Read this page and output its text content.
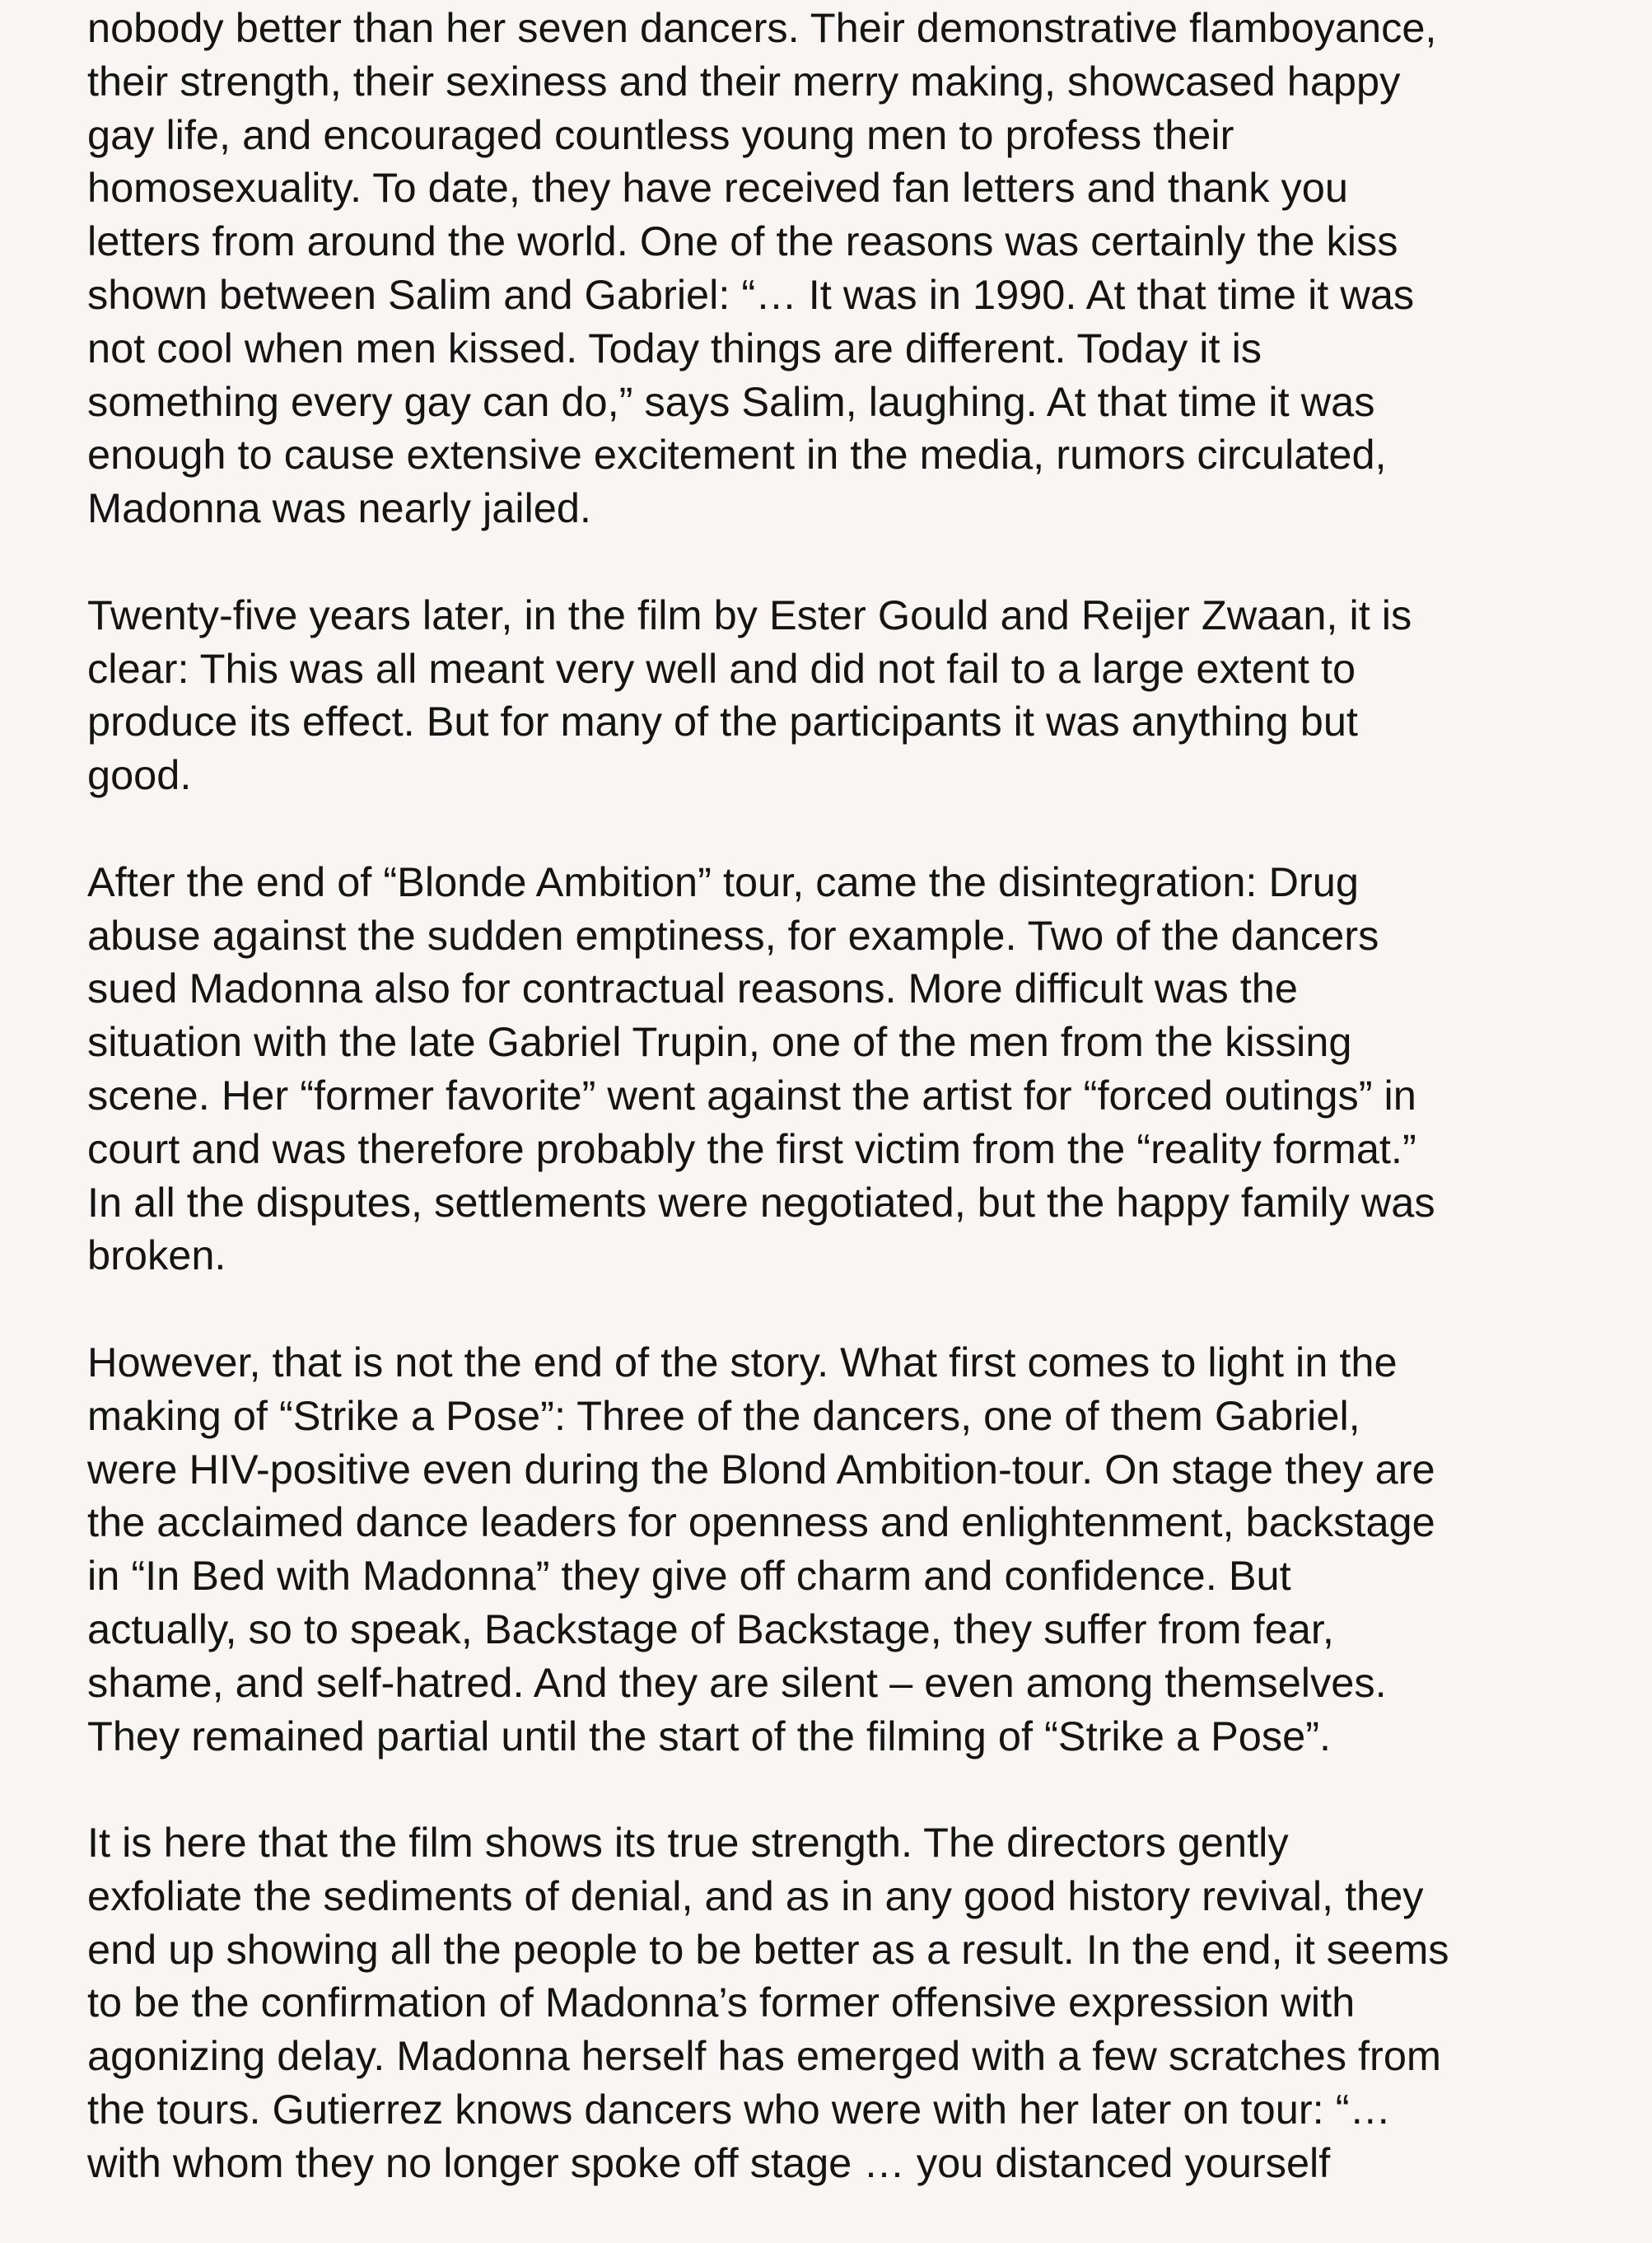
nobody better than her seven dancers. Their demonstrative flamboyance,
their strength, their sexiness and their merry making, showcased happy
gay life, and encouraged countless young men to profess their
homosexuality. To date, they have received fan letters and thank you
letters from around the world. One of the reasons was certainly the kiss
shown between Salim and Gabriel: “… It was in 1990. At that time it was
not cool when men kissed. Today things are different. Today it is
something every gay can do,” says Salim, laughing. At that time it was
enough to cause extensive excitement in the media, rumors circulated,
Madonna was nearly jailed.

Twenty-five years later, in the film by Ester Gould and Reijer Zwaan, it is
clear: This was all meant very well and did not fail to a large extent to
produce its effect. But for many of the participants it was anything but
good.

After the end of “Blonde Ambition” tour, came the disintegration: Drug
abuse against the sudden emptiness, for example. Two of the dancers
sued Madonna also for contractual reasons. More difficult was the
situation with the late Gabriel Trupin, one of the men from the kissing
scene. Her “former favorite” went against the artist for “forced outings” in
court and was therefore probably the first victim from the “reality format.”
In all the disputes, settlements were negotiated, but the happy family was
broken.

However, that is not the end of the story. What first comes to light in the
making of “Strike a Pose”: Three of the dancers, one of them Gabriel,
were HIV-positive even during the Blond Ambition-tour. On stage they are
the acclaimed dance leaders for openness and enlightenment, backstage
in “In Bed with Madonna” they give off charm and confidence. But
actually, so to speak, Backstage of Backstage, they suffer from fear,
shame, and self-hatred. And they are silent – even among themselves.
They remained partial until the start of the filming of “Strike a Pose”.

It is here that the film shows its true strength. The directors gently
exfoliate the sediments of denial, and as in any good history revival, they
end up showing all the people to be better as a result. In the end, it seems
to be the confirmation of Madonna’s former offensive expression with
agonizing delay. Madonna herself has emerged with a few scratches from
the tours. Gutierrez knows dancers who were with her later on tour: “…
with whom they no longer spoke off stage … you distanced yourself
